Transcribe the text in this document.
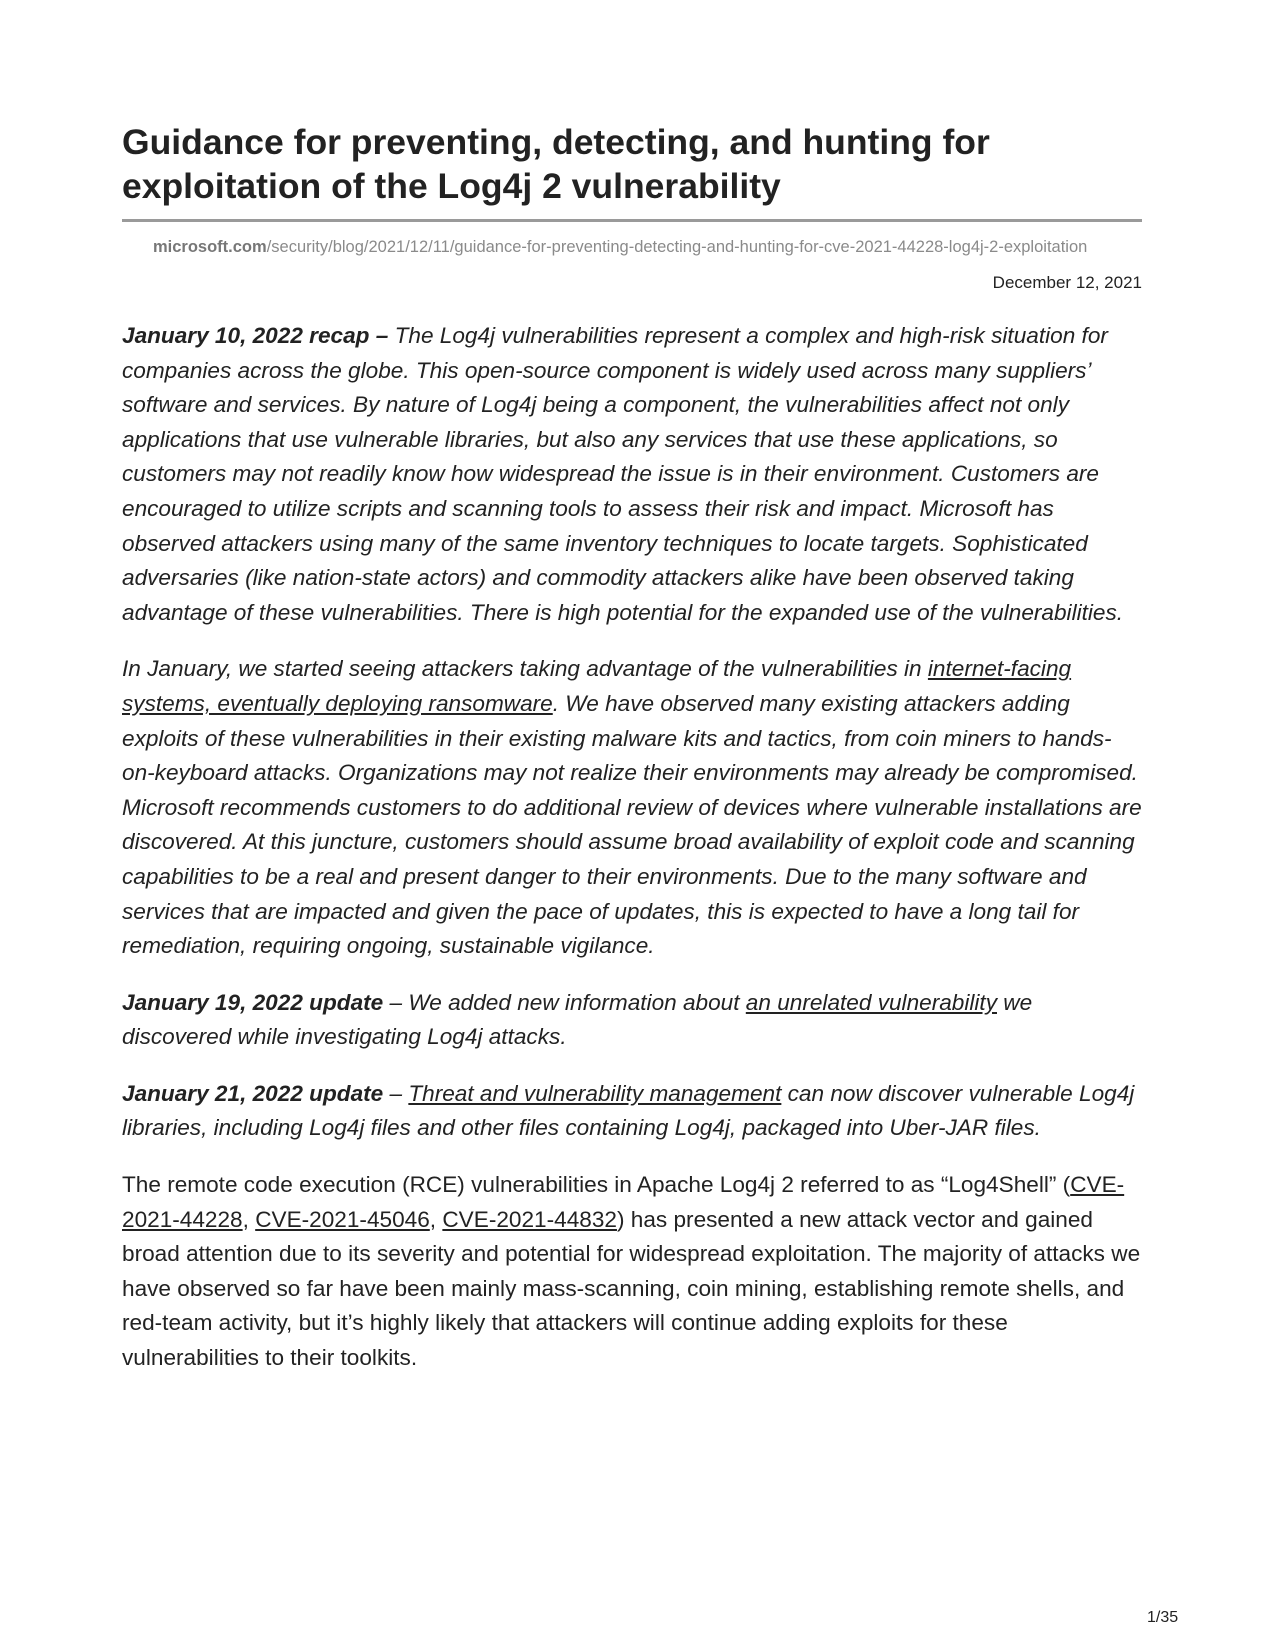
Guidance for preventing, detecting, and hunting for exploitation of the Log4j 2 vulnerability
microsoft.com/security/blog/2021/12/11/guidance-for-preventing-detecting-and-hunting-for-cve-2021-44228-log4j-2-exploitation
December 12, 2021

January 10, 2022 recap – The Log4j vulnerabilities represent a complex and high-risk situation for companies across the globe. This open-source component is widely used across many suppliers’ software and services. By nature of Log4j being a component, the vulnerabilities affect not only applications that use vulnerable libraries, but also any services that use these applications, so customers may not readily know how widespread the issue is in their environment. Customers are encouraged to utilize scripts and scanning tools to assess their risk and impact. Microsoft has observed attackers using many of the same inventory techniques to locate targets. Sophisticated adversaries (like nation-state actors) and commodity attackers alike have been observed taking advantage of these vulnerabilities. There is high potential for the expanded use of the vulnerabilities.

In January, we started seeing attackers taking advantage of the vulnerabilities in internet-facing systems, eventually deploying ransomware. We have observed many existing attackers adding exploits of these vulnerabilities in their existing malware kits and tactics, from coin miners to hands-on-keyboard attacks. Organizations may not realize their environments may already be compromised. Microsoft recommends customers to do additional review of devices where vulnerable installations are discovered. At this juncture, customers should assume broad availability of exploit code and scanning capabilities to be a real and present danger to their environments. Due to the many software and services that are impacted and given the pace of updates, this is expected to have a long tail for remediation, requiring ongoing, sustainable vigilance.

January 19, 2022 update – We added new information about an unrelated vulnerability we discovered while investigating Log4j attacks.

January 21, 2022 update – Threat and vulnerability management can now discover vulnerable Log4j libraries, including Log4j files and other files containing Log4j, packaged into Uber-JAR files.

The remote code execution (RCE) vulnerabilities in Apache Log4j 2 referred to as “Log4Shell” (CVE-2021-44228, CVE-2021-45046, CVE-2021-44832) has presented a new attack vector and gained broad attention due to its severity and potential for widespread exploitation. The majority of attacks we have observed so far have been mainly mass-scanning, coin mining, establishing remote shells, and red-team activity, but it’s highly likely that attackers will continue adding exploits for these vulnerabilities to their toolkits.

1/35
